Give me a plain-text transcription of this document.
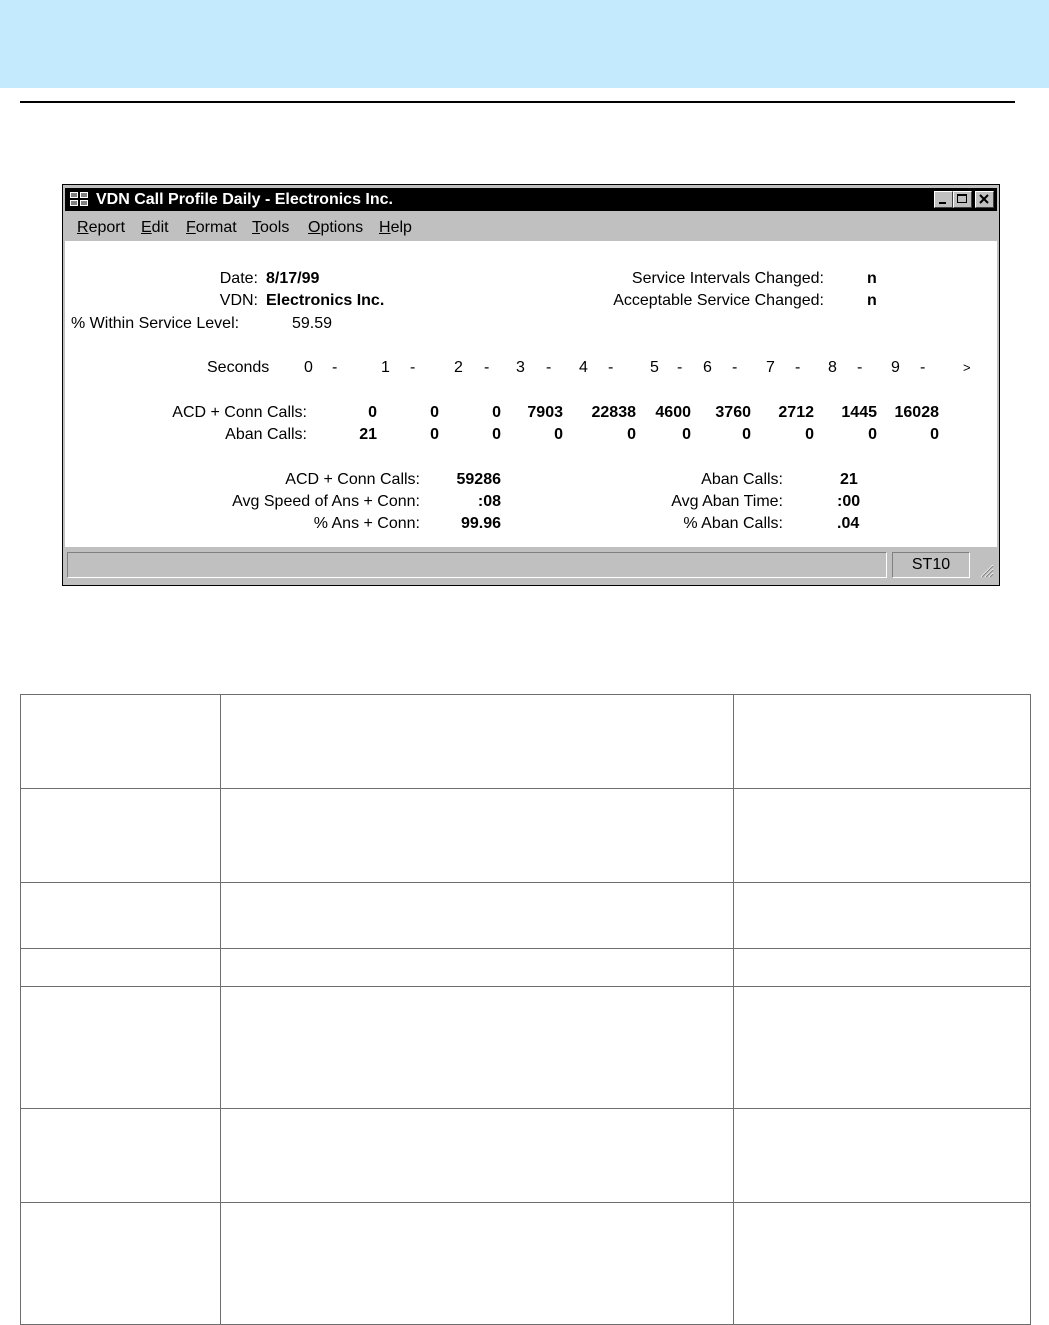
VDN Call Profile Daily - Electronics Inc.
Report Edit Format Tools Options Help
Date: 8/17/99
VDN: Electronics Inc.
% Within Service Level:	59.59
Service Intervals Changed:	n
Acceptable Service Changed:	n
Seconds 0 -	1 - 2 - 3 - 4 - 5 - 6 - 7 - 8 - 9 -	>
ACD + Conn Calls:	0	0	0 7903 22838 4600 3760 2712 1445 16028
Aban Calls:	21	0	0	0	0	0	0	0	0	0
ACD + Conn Calls: 59286
Avg Speed of Ans + Conn:	:08
% Ans + Conn:	99.96
Aban Calls:	21
Avg Aban Time:	:00
% Aban Calls:	.04
ST10
